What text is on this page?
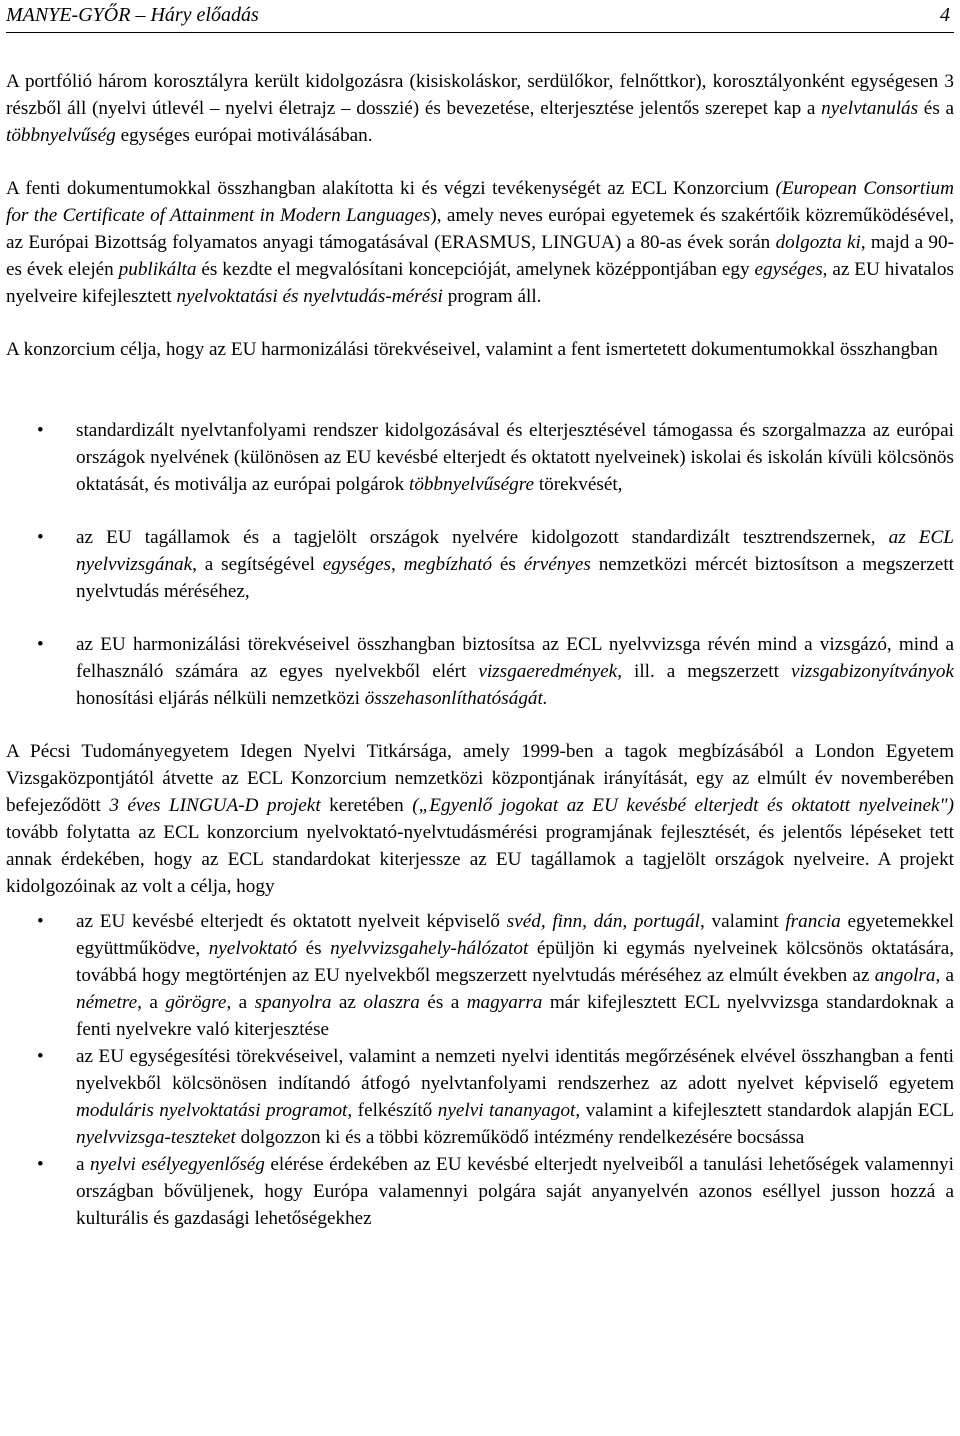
MANYE-GYŐR – Háry előadás	4

A portfólió három korosztályra került kidolgozásra (kisiskoláskor, serdülőkor, felnőttkor), korosztályonként egységesen 3 részből áll (nyelvi útlevél – nyelvi életrajz – dosszié) és bevezetése, elterjesztése jelentős szerepet kap a nyelvtanulás és a többnyelvűség egységes európai motiválásában.

A fenti dokumentumokkal összhangban alakította ki és végzi tevékenységét az ECL Konzorcium (European Consortium for the Certificate of Attainment in Modern Languages), amely neves európai egyetemek és szakértőik közreműködésével, az Európai Bizottság folyamatos anyagi támogatásával (ERASMUS, LINGUA) a 80-as évek során dolgozta ki, majd a 90-es évek elején publikálta és kezdte el megvalósítani koncepcióját, amelynek középpontjában egy egységes, az EU hivatalos nyelveire kifejlesztett nyelvoktatási és nyelvtudás-mérési program áll.

A konzorcium célja, hogy az EU harmonizálási törekvéseivel, valamint a fent ismertetett dokumentumokkal összhangban

• standardizált nyelvtanfolyami rendszer kidolgozásával és elterjesztésével támogassa és szorgalmazza az európai országok nyelvének (különösen az EU kevésbé elterjedt és oktatott nyelveinek) iskolai és iskolán kívüli kölcsönös oktatását, és motiválja az európai polgárok többnyelvűségre törekvését,
• az EU tagállamok és a tagjelölt országok nyelvére kidolgozott standardizált tesztrendszernek, az ECL nyelvvizsgának, a segítségével egységes, megbízható és érvényes nemzetközi mércét biztosítson a megszerzett nyelvtudás méréséhez,
• az EU harmonizálási törekvéseivel összhangban biztosítsa az ECL nyelvvizsga révén mind a vizsgázó, mind a felhasználó számára az egyes nyelvekből elért vizsgaeredmények, ill. a megszerzett vizsgabizonyítványok honosítási eljárás nélküli nemzetközi összehasonlíthatóságát.

A Pécsi Tudományegyetem Idegen Nyelvi Titkársága, amely 1999-ben a tagok megbízásából a London Egyetem Vizsgaközpontjától átvette az ECL Konzorcium nemzetközi központjának irányítását, egy az elmúlt év novemberében befejeződött 3 éves LINGUA-D projekt keretében („Egyenlő jogokat az EU kevésbé elterjedt és oktatott nyelveinek") tovább folytatta az ECL konzorcium nyelvoktató-nyelvtudásmérési programjának fejlesztését, és jelentős lépéseket tett annak érdekében, hogy az ECL standardokat kiterjessze az EU tagállamok a tagjelölt országok nyelveire. A projekt kidolgozóinak az volt a célja, hogy

• az EU kevésbé elterjedt és oktatott nyelveit képviselő svéd, finn, dán, portugál, valamint francia egyetemekkel együttműködve, nyelvoktató és nyelvvizsgahely-hálózatot épüljön ki egymás nyelveinek kölcsönös oktatására, továbbá hogy megtörténjen az EU nyelvekből megszerzett nyelvtudás méréséhez az elmúlt években az angolra, a németre, a görögre, a spanyolra az olaszra és a magyarra már kifejlesztett ECL nyelvvizsga standardoknak a fenti nyelvekre való kiterjesztése
• az EU egységesítési törekvéseivel, valamint a nemzeti nyelvi identitás megőrzésének elvével összhangban a fenti nyelvekből kölcsönösen indítandó átfogó nyelvtanfolyami rendszerhez az adott nyelvet képviselő egyetem moduláris nyelvoktatási programot, felkészítő nyelvi tananyagot, valamint a kifejlesztett standardok alapján ECL nyelvvizsga-teszteket dolgozzon ki és a többi közreműködő intézmény rendelkezésére bocsássa
• a nyelvi esélyegyenlőség elérése érdekében az EU kevésbé elterjedt nyelveiből a tanulási lehetőségek valamennyi országban bővüljenek, hogy Európa valamennyi polgára saját anyanyelvén azonos eséllyel jusson hozzá a kulturális és gazdasági lehetőségekhez
